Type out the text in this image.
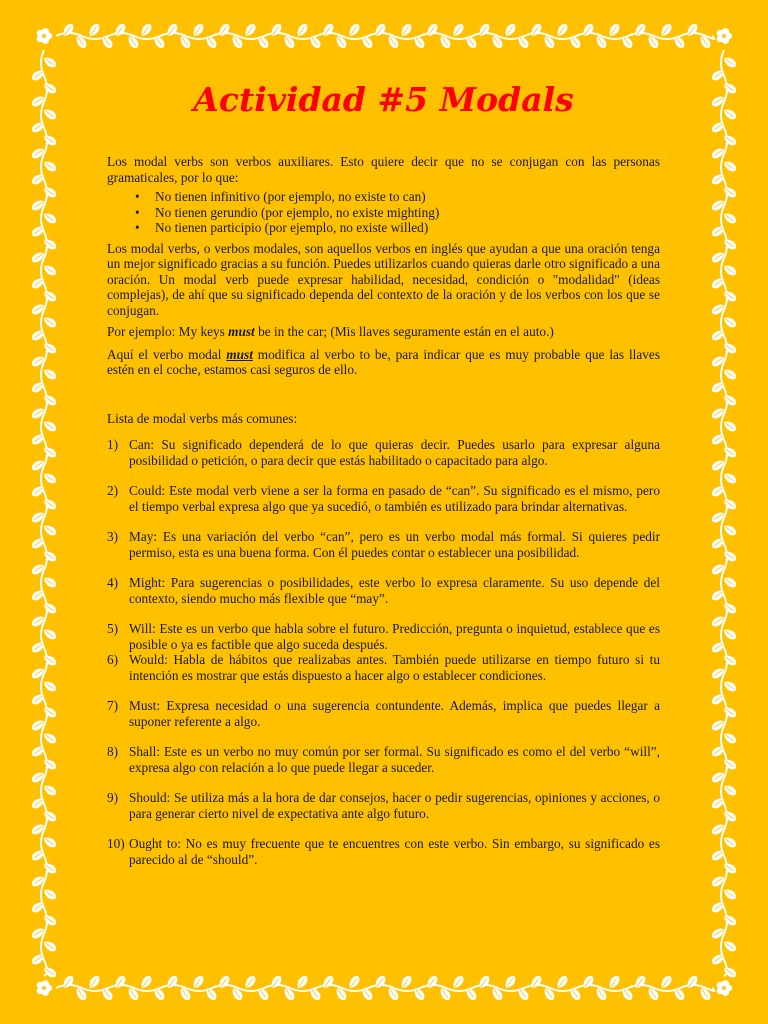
Actividad #5 Modals

Los modal verbs son verbos auxiliares. Esto quiere decir que no se conjugan con las personas gramaticales, por lo que:

• No tienen infinitivo (por ejemplo, no existe to can)
• No tienen gerundio (por ejemplo, no existe mighting)
• No tienen participio (por ejemplo, no existe willed)

Los modal verbs, o verbos modales, son aquellos verbos en inglés que ayudan a que una oración tenga un mejor significado gracias a su función. Puedes utilizarlos cuando quieras darle otro significado a una oración. Un modal verb puede expresar habilidad, necesidad, condición o "modalidad" (ideas complejas), de ahí que su significado dependa del contexto de la oración y de los verbos con los que se conjugan.

Por ejemplo: My keys must be in the car; (Mis llaves seguramente están en el auto.)

Aquí el verbo modal must modifica al verbo to be, para indicar que es muy probable que las llaves estén en el coche, estamos casi seguros de ello.

Lista de modal verbs más comunes:

1) Can: Su significado dependerá de lo que quieras decir. Puedes usarlo para expresar alguna posibilidad o petición, o para decir que estás habilitado o capacitado para algo.
2) Could: Este modal verb viene a ser la forma en pasado de “can”. Su significado es el mismo, pero el tiempo verbal expresa algo que ya sucedió, o también es utilizado para brindar alternativas.
3) May: Es una variación del verbo “can”, pero es un verbo modal más formal. Si quieres pedir permiso, esta es una buena forma. Con él puedes contar o establecer una posibilidad.
4) Might: Para sugerencias o posibilidades, este verbo lo expresa claramente. Su uso depende del contexto, siendo mucho más flexible que “may”.
5) Will: Este es un verbo que habla sobre el futuro. Predicción, pregunta o inquietud, establece que es posible o ya es factible que algo suceda después.
6) Would: Habla de hábitos que realizabas antes. También puede utilizarse en tiempo futuro si tu intención es mostrar que estás dispuesto a hacer algo o establecer condiciones.
7) Must: Expresa necesidad o una sugerencia contundente. Además, implica que puedes llegar a suponer referente a algo.
8) Shall: Este es un verbo no muy común por ser formal. Su significado es como el del verbo “will”, expresa algo con relación a lo que puede llegar a suceder.
9) Should: Se utiliza más a la hora de dar consejos, hacer o pedir sugerencias, opiniones y acciones, o para generar cierto nivel de expectativa ante algo futuro.
10) Ought to: No es muy frecuente que te encuentres con este verbo. Sin embargo, su significado es parecido al de “should”.
